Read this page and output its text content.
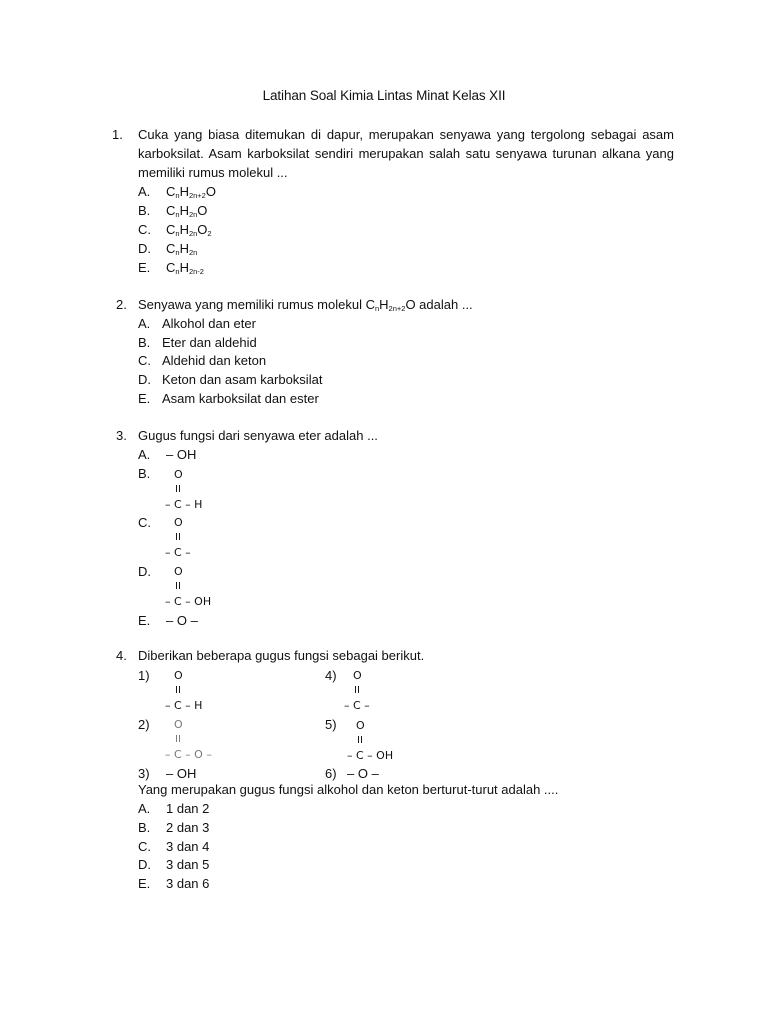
Latihan Soal Kimia Lintas Minat Kelas XII
1. Cuka yang biasa ditemukan di dapur, merupakan senyawa yang tergolong sebagai asam
karboksilat. Asam karboksilat sendiri merupakan salah satu senyawa turunan alkana yang
memiliki rumus molekul ...
A. $C_nH_{2n+2}O$
B. $C_nH_{2n}O$
C. $C_nH_{2n}O_2$
D. $C_nH_{2n}$
E. $C_nH_{2n-2}$
2. Senyawa yang memiliki rumus molekul $C_nH_{2n+2}O$ adalah ...
A. Alkohol dan eter
B. Eter dan aldehid
C. Aldehid dan keton
D. Keton dan asam karboksilat
E. Asam karboksilat dan ester
3. Gugus fungsi dari senyawa eter adalah ...
A. – OH
B.	O
II
– C – H
C.	O
II
– C –
D.	O
II
– C – OH
E. – O –
4. Diberikan beberapa gugus fungsi sebagai berikut.
1)	O
II
– C – H
2)	O
II
– C – O –
3) – OH
4)	O
II
– C –
5)	O
II
– C – OH
6) – O –
Yang merupakan gugus fungsi alkohol dan keton berturut-turut adalah ....
A. 1 dan 2
B. 2 dan 3
C. 3 dan 4
D. 3 dan 5
E. 3 dan 6
